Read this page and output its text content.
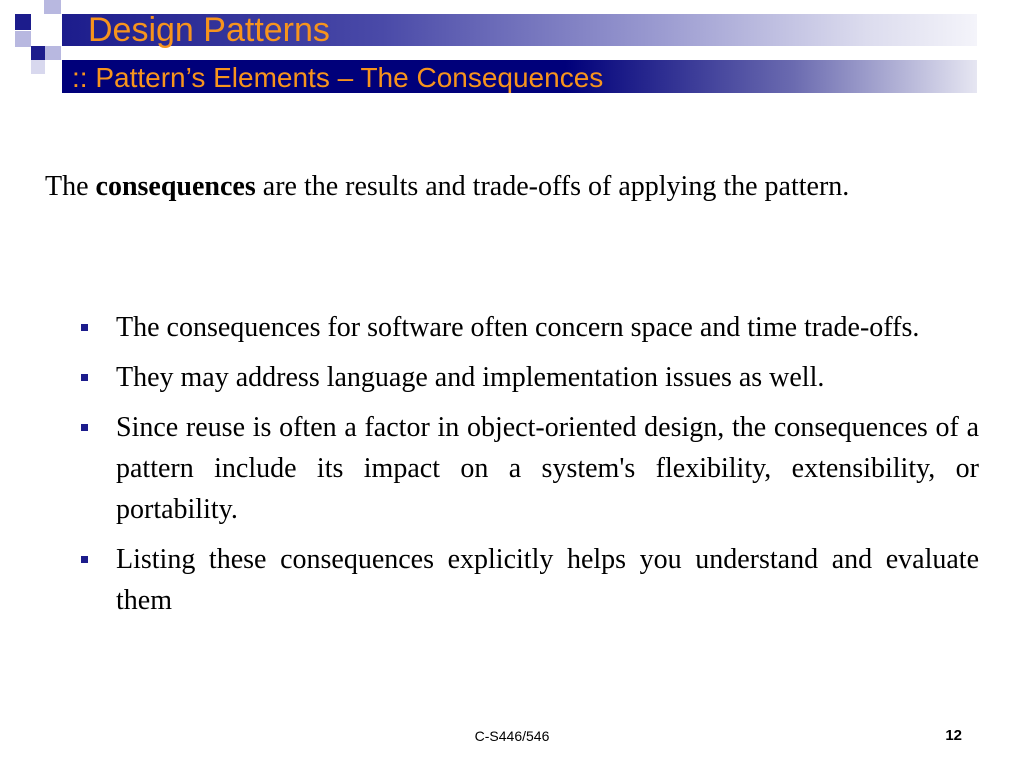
Design Patterns
:: Pattern’s Elements – The Consequences

The consequences are the results and trade-offs of applying the pattern.

The consequences for software often concern space and time trade-offs.
They may address language and implementation issues as well.
Since reuse is often a factor in object-oriented design, the consequences of a pattern include its impact on a system's flexibility, extensibility, or portability.
Listing these consequences explicitly helps you understand and evaluate them
C-S446/546	12
